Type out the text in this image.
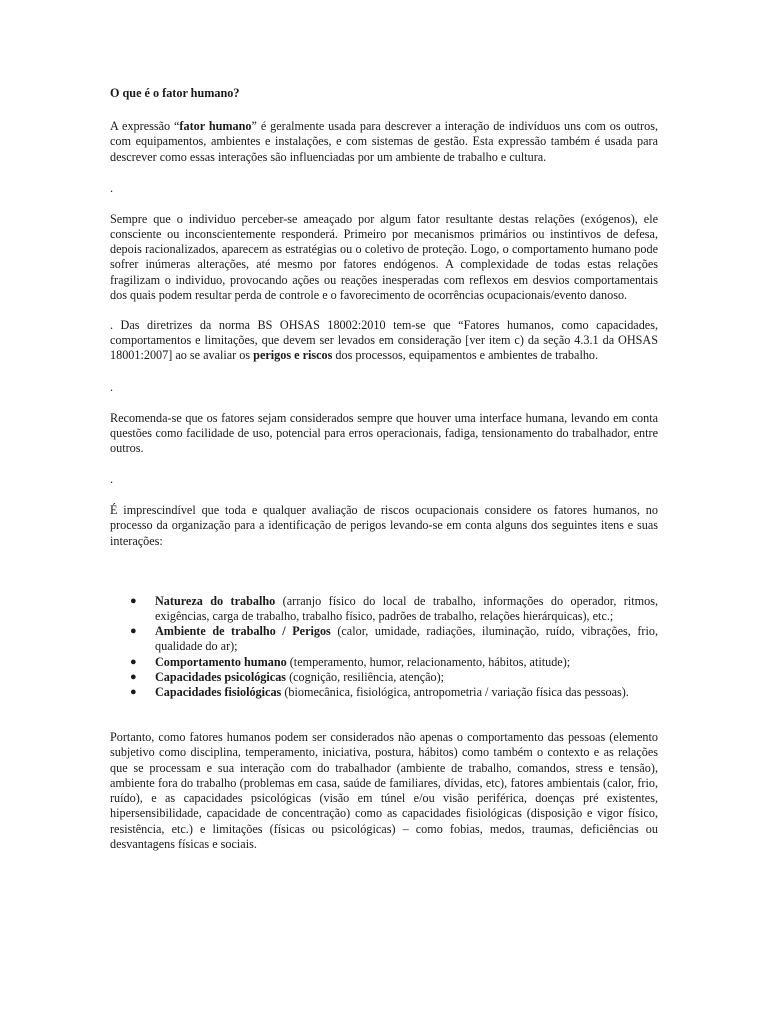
O que é o fator humano?

A expressão “fator humano” é geralmente usada para descrever a interação de indivíduos uns com os outros, com equipamentos, ambientes e instalações, e com sistemas de gestão. Esta expressão também é usada para descrever como essas interações são influenciadas por um ambiente de trabalho e cultura.

.

Sempre que o individuo perceber-se ameaçado por algum fator resultante destas relações (exógenos), ele consciente ou inconscientemente responderá. Primeiro por mecanismos primários ou instintivos de defesa, depois racionalizados, aparecem as estratégias ou o coletivo de proteção. Logo, o comportamento humano pode sofrer inúmeras alterações, até mesmo por fatores endógenos. A complexidade de todas estas relações fragilizam o individuo, provocando ações ou reações inesperadas com reflexos em desvios comportamentais dos quais podem resultar perda de controle e o favorecimento de ocorrências ocupacionais/evento danoso.

. Das diretrizes da norma BS OHSAS 18002:2010 tem-se que “Fatores humanos, como capacidades, comportamentos e limitações, que devem ser levados em consideração [ver item c) da seção 4.3.1 da OHSAS 18001:2007] ao se avaliar os perigos e riscos dos processos, equipamentos e ambientes de trabalho.

.

Recomenda-se que os fatores sejam considerados sempre que houver uma interface humana, levando em conta questões como facilidade de uso, potencial para erros operacionais, fadiga, tensionamento do trabalhador, entre outros.

.

É imprescindível que toda e qualquer avaliação de riscos ocupacionais considere os fatores humanos, no processo da organização para a identificação de perigos levando-se em conta alguns dos seguintes itens e suas interações:

● Natureza do trabalho (arranjo físico do local de trabalho, informações do operador, ritmos, exigências, carga de trabalho, trabalho físico, padrões de trabalho, relações hierárquicas), etc.;
● Ambiente de trabalho / Perigos (calor, umidade, radiações, iluminação, ruído, vibrações, frio, qualidade do ar);
● Comportamento humano (temperamento, humor, relacionamento, hábitos, atitude);
● Capacidades psicológicas (cognição, resiliência, atenção);
● Capacidades fisiológicas (biomecânica, fisiológica, antropometria / variação física das pessoas).

Portanto, como fatores humanos podem ser considerados não apenas o comportamento das pessoas (elemento subjetivo como disciplina, temperamento, iniciativa, postura, hábitos) como também o contexto e as relações que se processam e sua interação com do trabalhador (ambiente de trabalho, comandos, stress e tensão), ambiente fora do trabalho (problemas em casa, saúde de familiares, dívidas, etc), fatores ambientais (calor, frio, ruído), e as capacidades psicológicas (visão em túnel e/ou visão periférica, doenças pré existentes, hipersensibilidade, capacidade de concentração) como as capacidades fisiológicas (disposição e vigor físico, resistência, etc.) e limitações (físicas ou psicológicas) – como fobias, medos, traumas, deficiências ou desvantagens físicas e sociais.
